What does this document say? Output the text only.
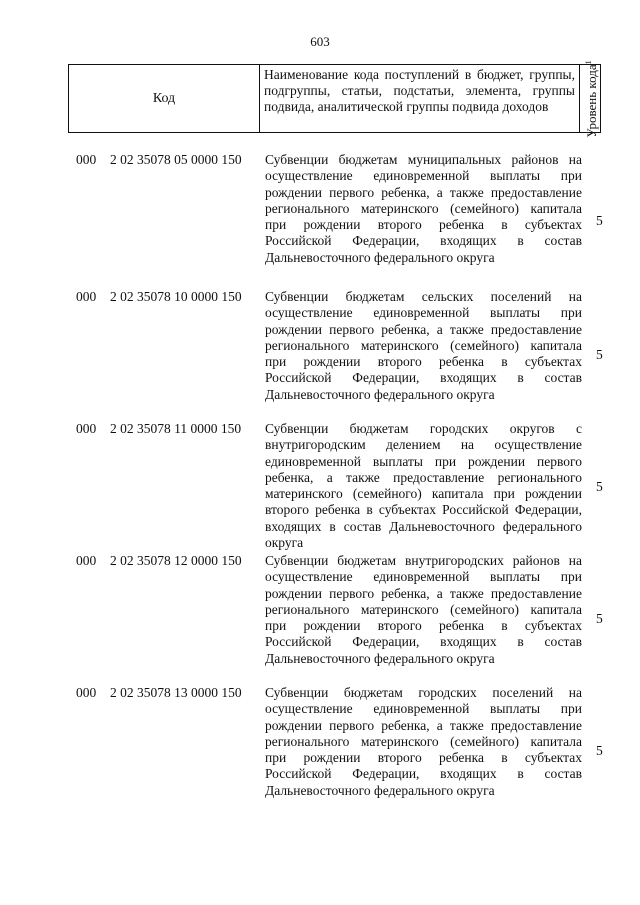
603
Код
Наименование кода поступлений в бюджет, группы, подгруппы, статьи, подстатьи, элемента, группы подвида, аналитической группы подвида доходов	Уровень кода$^1$
000 2 02 35078 05 0000 150 Субвенции бюджетам муниципальных районов на осуществление единовременной выплаты при рождении первого ребенка, а также предоставление регионального материнского (семейного) капитала при рождении второго ребенка в субъектах Российской Федерации, входящих в состав Дальневосточного федерального округа
5
000 2 02 35078 10 0000 150 Субвенции бюджетам сельских поселений на осуществление единовременной выплаты при рождении первого ребенка, а также предоставление регионального материнского (семейного) капитала при рождении второго ребенка в субъектах Российской Федерации, входящих в состав Дальневосточного федерального округа
5
000 2 02 35078 11 0000 150 Субвенции бюджетам городских округов с внутригородским делением на осуществление единовременной выплаты при рождении первого ребенка, а также предоставление регионального материнского (семейного) капитала при рождении второго ребенка в субъектах Российской Федерации, входящих в состав Дальневосточного федерального округа
5
000 2 02 35078 12 0000 150 Субвенции бюджетам внутригородских районов на осуществление единовременной выплаты при рождении первого ребенка, а также предоставление регионального материнского (семейного) капитала при рождении второго ребенка в субъектах Российской Федерации, входящих в состав Дальневосточного федерального округа
5
000 2 02 35078 13 0000 150 Субвенции бюджетам городских поселений на осуществление единовременной выплаты при рождении первого ребенка, а также предоставление регионального материнского (семейного) капитала при рождении второго ребенка в субъектах Российской Федерации, входящих в состав Дальневосточного федерального округа
5
